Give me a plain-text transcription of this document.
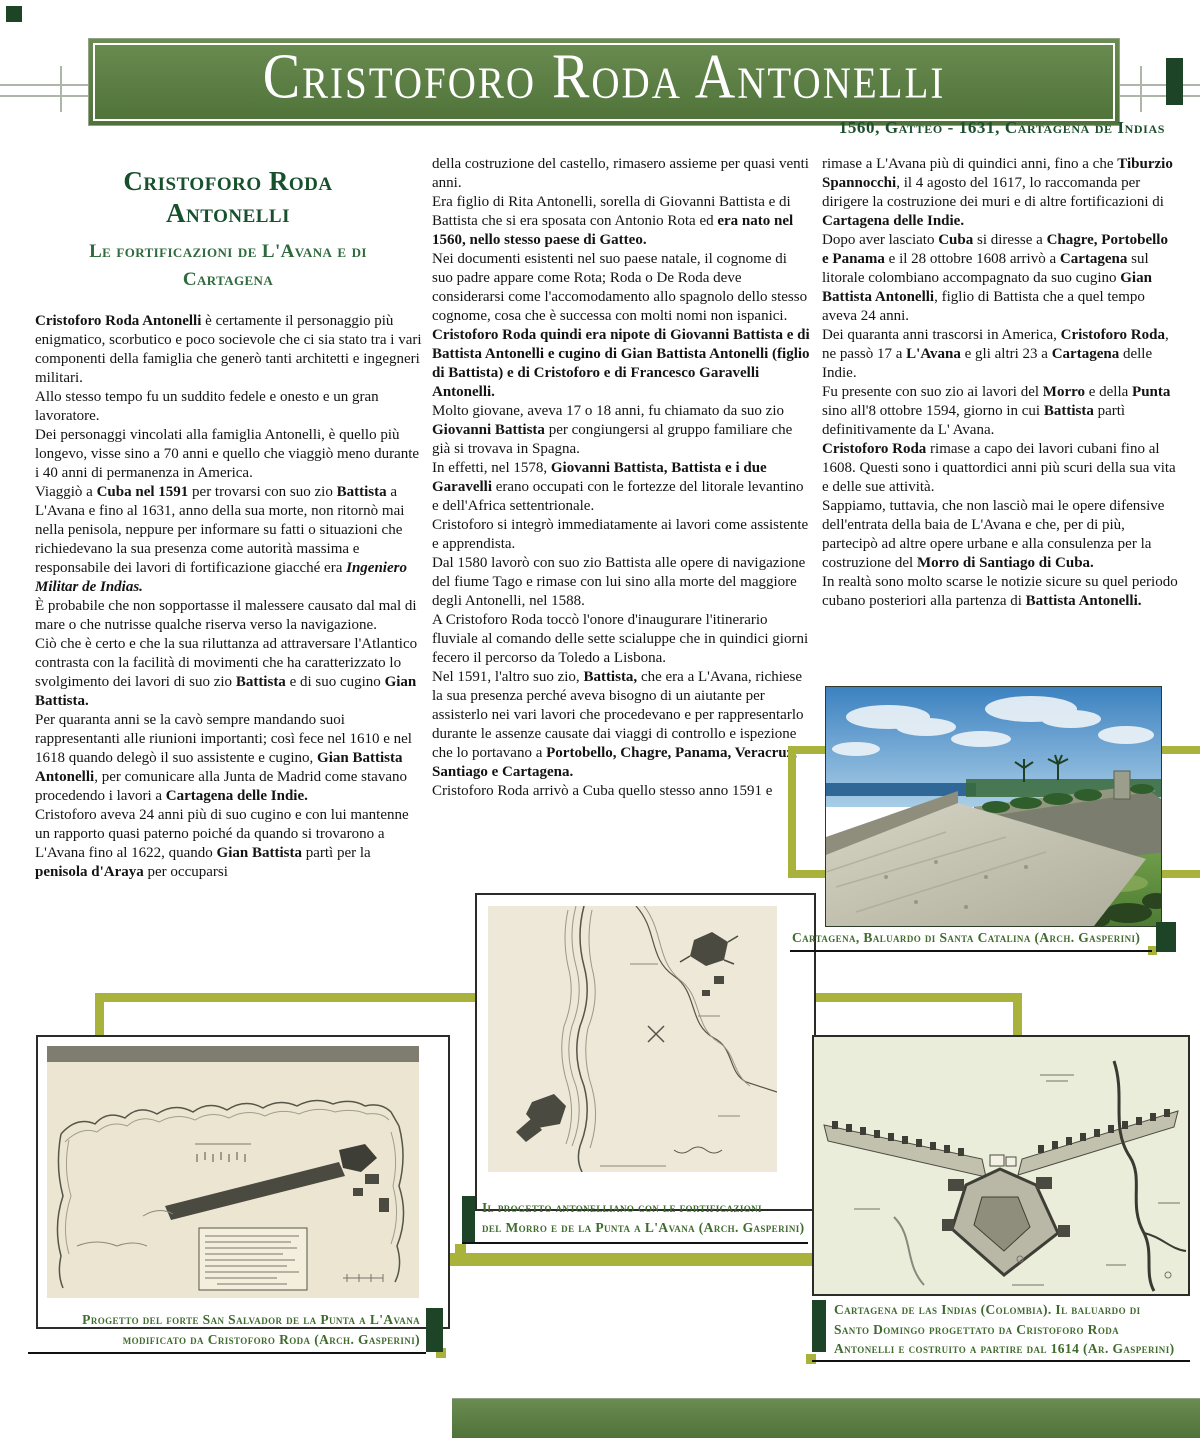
Cristoforo Roda Antonelli
1560, Gatteo - 1631, Cartagena de Indias
Cristoforo Roda Antonelli
Le fortificazioni de L'Avana e di Cartagena

Cristoforo Roda Antonelli è certamente il personaggio più enigmatico, scorbutico e poco socievole che ci sia stato tra i vari componenti della famiglia che generò tanti architetti e ingegneri militari.

Allo stesso tempo fu un suddito fedele e onesto e un gran lavoratore.

Dei personaggi vincolati alla famiglia Antonelli, è quello più longevo, visse sino a 70 anni e quello che viaggiò meno durante i 40 anni di permanenza in America.

Viaggiò a Cuba nel 1591 per trovarsi con suo zio Battista a L'Avana e fino al 1631, anno della sua morte, non ritornò mai nella penisola, neppure per informare su fatti o situazioni che richiedevano la sua presenza come autorità massima e responsabile dei lavori di fortificazione giacché era Ingeniero Militar de Indias.

È probabile che non sopportasse il malessere causato dal mal di mare o che nutrisse qualche riserva verso la navigazione.

Ciò che è certo e che la sua riluttanza ad attraversare l'Atlantico contrasta con la facilità di movimenti che ha caratterizzato lo svolgimento dei lavori di suo zio Battista e di suo cugino Gian Battista.

Per quaranta anni se la cavò sempre mandando suoi rappresentanti alle riunioni importanti; così fece nel 1610 e nel 1618 quando delegò il suo assistente e cugino, Gian Battista Antonelli, per comunicare alla Junta de Madrid come stavano procedendo i lavori a Cartagena delle Indie.

Cristoforo aveva 24 anni più di suo cugino e con lui mantenne un rapporto quasi paterno poiché da quando si trovarono a L'Avana fino al 1622, quando Gian Battista partì per la penisola d'Araya per occuparsi

della costruzione del castello, rimasero assieme per quasi venti anni.

Era figlio di Rita Antonelli, sorella di Giovanni Battista e di Battista che si era sposata con Antonio Rota ed era nato nel 1560, nello stesso paese di Gatteo.

Nei documenti esistenti nel suo paese natale, il cognome di suo padre appare come Rota; Roda o De Roda deve considerarsi come l'accomodamento allo spagnolo dello stesso cognome, cosa che è successa con molti nomi non ispanici.

Cristoforo Roda quindi era nipote di Giovanni Battista e di Battista Antonelli e cugino di Gian Battista Antonelli (figlio di Battista) e di Cristoforo e di Francesco Garavelli Antonelli.

Molto giovane, aveva 17 o 18 anni, fu chiamato da suo zio Giovanni Battista per congiungersi al gruppo familiare che già si trovava in Spagna.

In effetti, nel 1578, Giovanni Battista, Battista e i due Garavelli erano occupati con le fortezze del litorale levantino e dell'Africa settentrionale.

Cristoforo si integrò immediatamente ai lavori come assistente e apprendista.

Dal 1580 lavorò con suo zio Battista alle opere di navigazione del fiume Tago e rimase con lui sino alla morte del maggiore degli Antonelli, nel 1588.

A Cristoforo Roda toccò l'onore d'inaugurare l'itinerario fluviale al comando delle sette scialuppe che in quindici giorni fecero il percorso da Toledo a Lisbona.

Nel 1591, l'altro suo zio, Battista, che era a L'Avana, richiese la sua presenza perché aveva bisogno di un aiutante per assisterlo nei vari lavori che procedevano e per rappresentarlo durante le assenze causate dai viaggi di controllo e ispezione che lo portavano a Portobello, Chagre, Panama, Veracruz, Santiago e Cartagena.

Cristoforo Roda arrivò a Cuba quello stesso anno 1591 e

rimase a L'Avana più di quindici anni, fino a che Tiburzio Spannocchi, il 4 agosto del 1617, lo raccomanda per dirigere la costruzione dei muri e di altre fortificazioni di Cartagena delle Indie.

Dopo aver lasciato Cuba si diresse a Chagre, Portobello e Panama e il 28 ottobre 1608 arrivò a Cartagena sul litorale colombiano accompagnato da suo cugino Gian Battista Antonelli, figlio di Battista che a quel tempo aveva 24 anni.

Dei quaranta anni trascorsi in America, Cristoforo Roda, ne passò 17 a L'Avana e gli altri 23 a Cartagena delle Indie.

Fu presente con suo zio ai lavori del Morro e della Punta sino all'8 ottobre 1594, giorno in cui Battista partì definitivamente da L' Avana.

Cristoforo Roda rimase a capo dei lavori cubani fino al 1608. Questi sono i quattordici anni più scuri della sua vita e delle sue attività.

Sappiamo, tuttavia, che non lasciò mai le opere difensive dell'entrata della baia de L'Avana e che, per di più, partecipò ad altre opere urbane e alla consulenza per la costruzione del Morro di Santiago di Cuba.

In realtà sono molto scarse le notizie sicure su quel periodo cubano posteriori alla partenza di Battista Antonelli.

Cartagena, Baluardo di Santa Catalina (Arch. Gasperini)
Progetto del forte San Salvador de la Punta a L'Avana
modificato da Cristoforo Roda (Arch. Gasperini)
Il progetto antonelliano con le fortificazioni
del Morro e de la Punta a L'Avana (Arch. Gasperini)
Cartagena de las Indias (Colombia). Il baluardo di
Santo Domingo progettato da Cristoforo Roda
Antonelli e costruito a partire dal 1614 (Ar. Gasperini)
